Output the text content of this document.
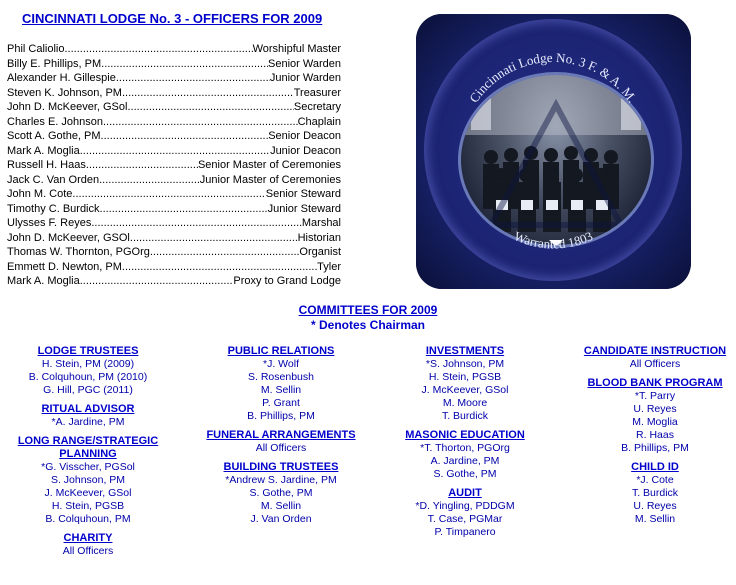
CINCINNATI LODGE No. 3 - OFFICERS FOR 2009
Phil Caliolio .....	Worshipful Master
Billy E. Phillips, PM .....	Senior Warden
Alexander H. Gillespie .....	Junior Warden
Steven K. Johnson, PM .....	Treasurer
John D. McKeever, GSol .....	Secretary
Charles E. Johnson .....	Chaplain
Scott A. Gothe, PM .....	Senior Deacon
Mark A. Moglia .....	Junior Deacon
Russell H. Haas .....	Senior Master of Ceremonies
Jack C. Van Orden .....	Junior Master of Ceremonies
John M. Cote .....	Senior Steward
Timothy C. Burdick .....	Junior Steward
Ulysses F. Reyes .....	Marshal
John D. McKeever, GSOl .....	Historian
Thomas W. Thornton, PGOrg .....	Organist
Emmett D. Newton, PM .....	Tyler
Mark A. Moglia .....	Proxy to Grand Lodge
Cincinnati Lodge No. 3 F. & A. M.
Warranted 1803
COMMITTEES FOR 2009
* Denotes Chairman
LODGE TRUSTEES
H. Stein, PM (2009)
B. Colquhoun, PM (2010)
G. Hill, PGC (2011)
RITUAL ADVISOR
*A. Jardine, PM
LONG RANGE/STRATEGIC PLANNING
*G. Visscher, PGSol
S. Johnson, PM
J. McKeever, GSol
H. Stein, PGSB
B. Colquhoun, PM
CHARITY
All Officers
PUBLIC RELATIONS
*J. Wolf
S. Rosenbush
M. Sellin
P. Grant
B. Phillips, PM
FUNERAL ARRANGEMENTS
All Officers
BUILDING TRUSTEES
*Andrew S. Jardine, PM
S. Gothe, PM
M. Sellin
J. Van Orden
INVESTMENTS
*S. Johnson, PM
H. Stein, PGSB
J. McKeever, GSol
M. Moore
T. Burdick
MASONIC EDUCATION
*T. Thorton, PGOrg
A. Jardine, PM
S. Gothe, PM
AUDIT
*D. Yingling, PDDGM
T. Case, PGMar
P. Timpanero
CANDIDATE INSTRUCTION
All Officers
BLOOD BANK PROGRAM
*T. Parry
U. Reyes
M. Moglia
R. Haas
B. Phillips, PM
CHILD ID
*J. Cote
T. Burdick
U. Reyes
M. Sellin
